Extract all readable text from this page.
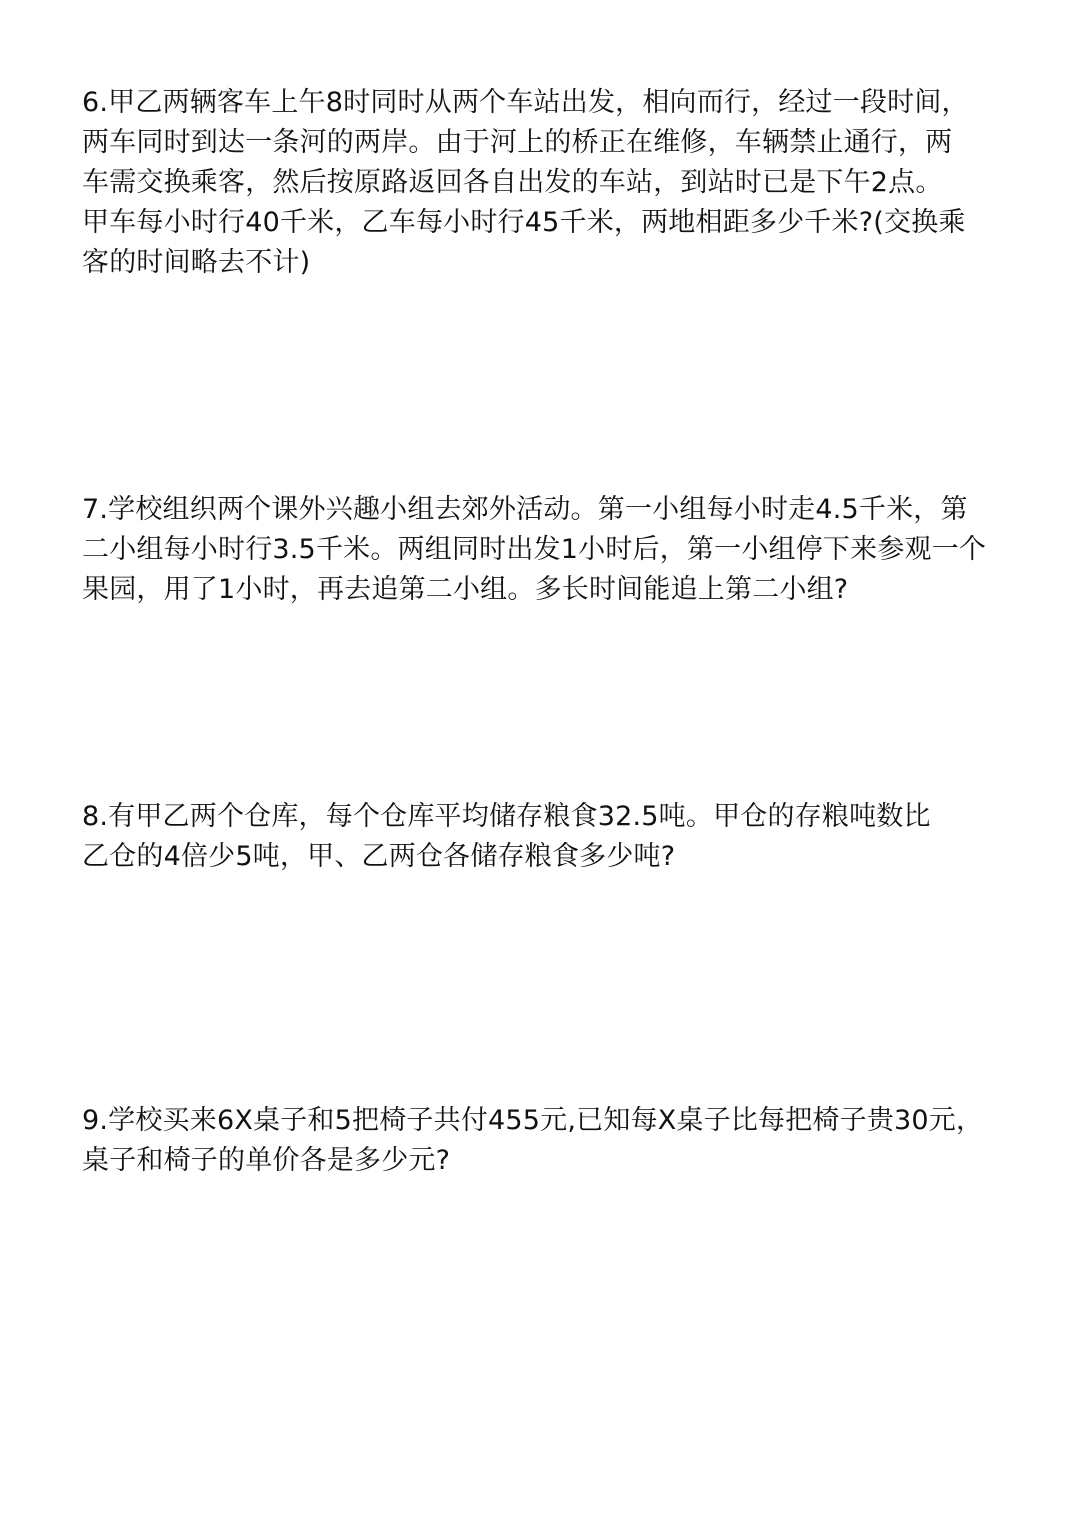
6.甲乙两辆客车上午8时同时从两个车站出发，相向而行，经过一段时间，
两车同时到达一条河的两岸。由于河上的桥正在维修，车辆禁止通行，两
车需交换乘客，然后按原路返回各自出发的车站，到站时已是下午2点。
甲车每小时行40千米，乙车每小时行45千米，两地相距多少千米?(交换乘
客的时间略去不计)
7.学校组织两个课外兴趣小组去郊外活动。第一小组每小时走4.5千米，第
二小组每小时行3.5千米。两组同时出发1小时后，第一小组停下来参观一个
果园，用了1小时，再去追第二小组。多长时间能追上第二小组?
8.有甲乙两个仓库，每个仓库平均储存粮食32.5吨。甲仓的存粮吨数比
乙仓的4倍少5吨，甲、乙两仓各储存粮食多少吨?
9.学校买来6X桌子和5把椅子共付455元,已知每X桌子比每把椅子贵30元，
桌子和椅子的单价各是多少元?
